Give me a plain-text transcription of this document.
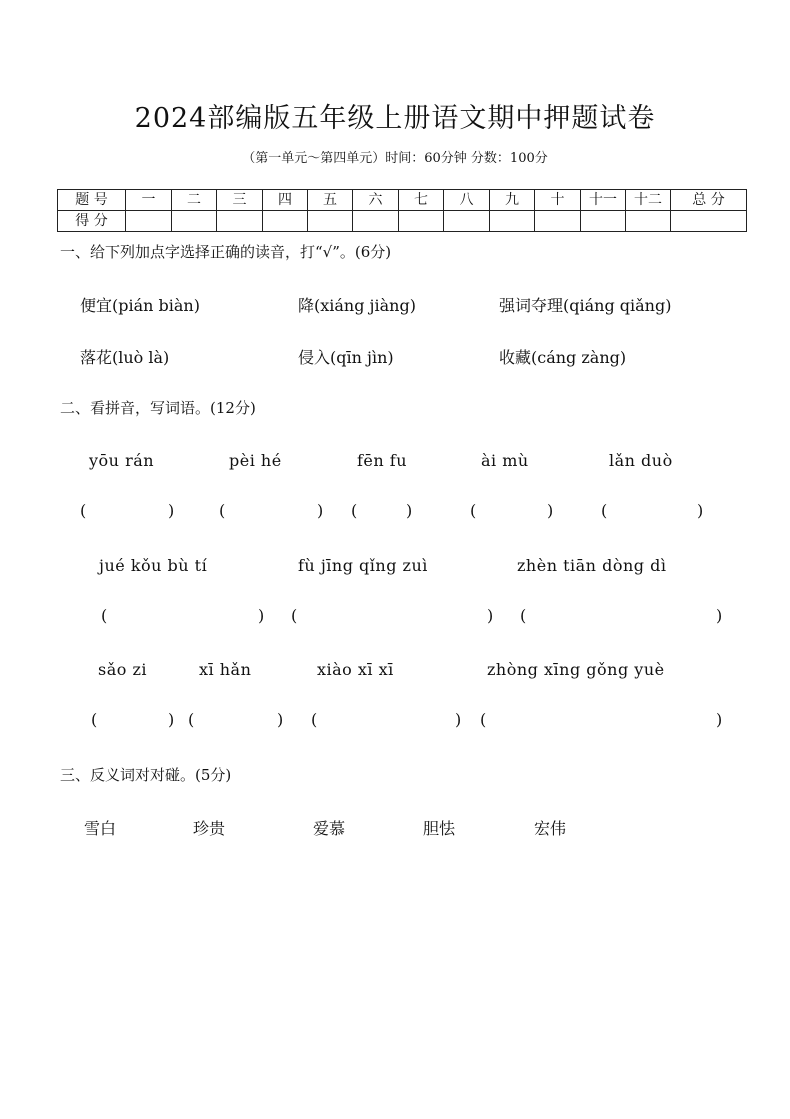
2024部编版五年级上册语文期中押题试卷
（第一单元～第四单元）时间：60分钟 分数：100分
题 号	一	二	三	四	五	六	七	八	九	十	十一	十二	总 分
得 分													
一、给下列加点字选择正确的读音，打“√”。(6分)
便宜(pián biàn)	降(xiáng jiàng)	强词夺理(qiáng qiǎng)
落花(luò là)	侵入(qīn jìn)	收藏(cáng zàng)
二、看拼音，写词语。(12分)
yōu rán	pèi hé	fēn fu	ài mù	lǎn duò
(	)	(	) (	)	(	)	(	)
jué kǒu bù tí	fù jīng qǐng zuì	zhèn tiān dòng dì
(	) (	) (	)
sǎo zi	xī hǎn	xiào xī xī	zhòng xīng gǒng yuè
(	) (	) (	) (	)
三、反义词对对碰。(5分)
雪白	珍贵	爱慕	胆怯	宏伟
